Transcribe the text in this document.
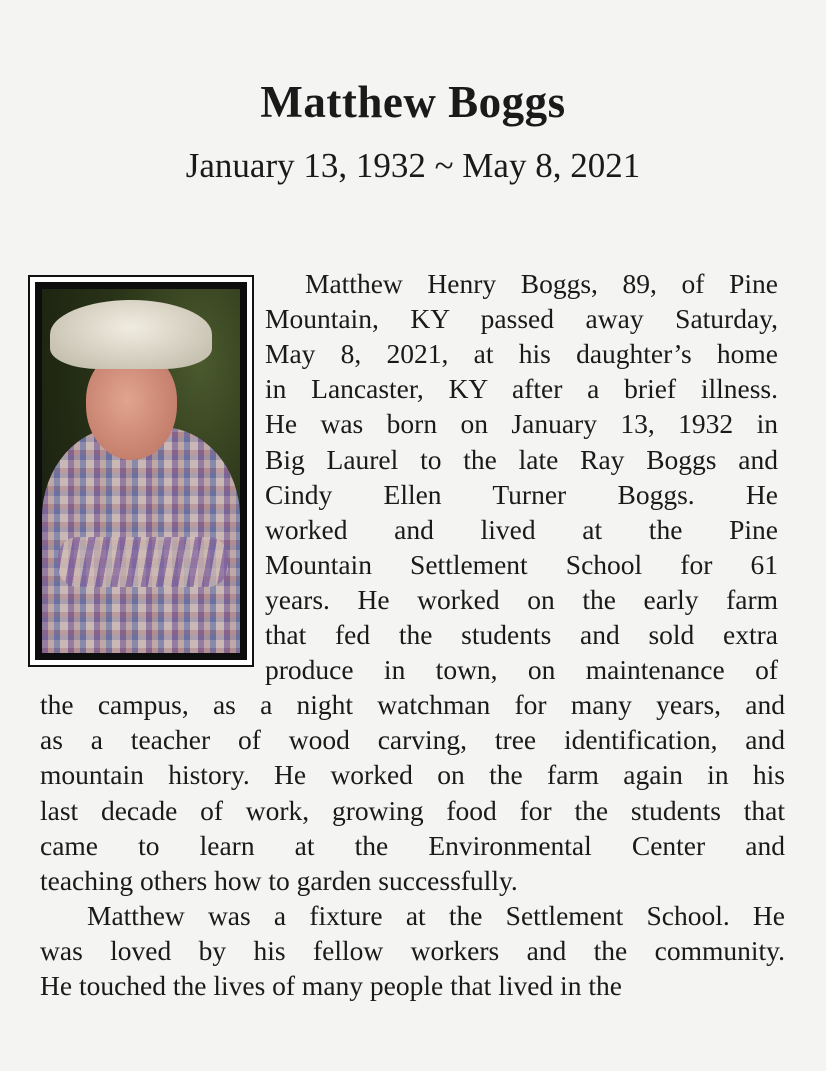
Matthew Boggs
January 13, 1932 ~ May 8, 2021
Matthew Henry Boggs, 89, of Pine
Mountain, KY passed away Saturday,
May 8, 2021, at his daughter’s home
in Lancaster, KY after a brief illness.
He was born on January 13, 1932 in
Big Laurel to the late Ray Boggs and
Cindy Ellen Turner Boggs. He
worked and lived at the Pine
Mountain Settlement School for 61
years. He worked on the early farm
that fed the students and sold extra
produce in town, on maintenance of
the campus, as a night watchman for many years, and
as a teacher of wood carving, tree identification, and
mountain history. He worked on the farm again in his
last decade of work, growing food for the students that
came to learn at the Environmental Center and
teaching others how to garden successfully.
Matthew was a fixture at the Settlement School. He
was loved by his fellow workers and the community.
He touched the lives of many people that lived in the
